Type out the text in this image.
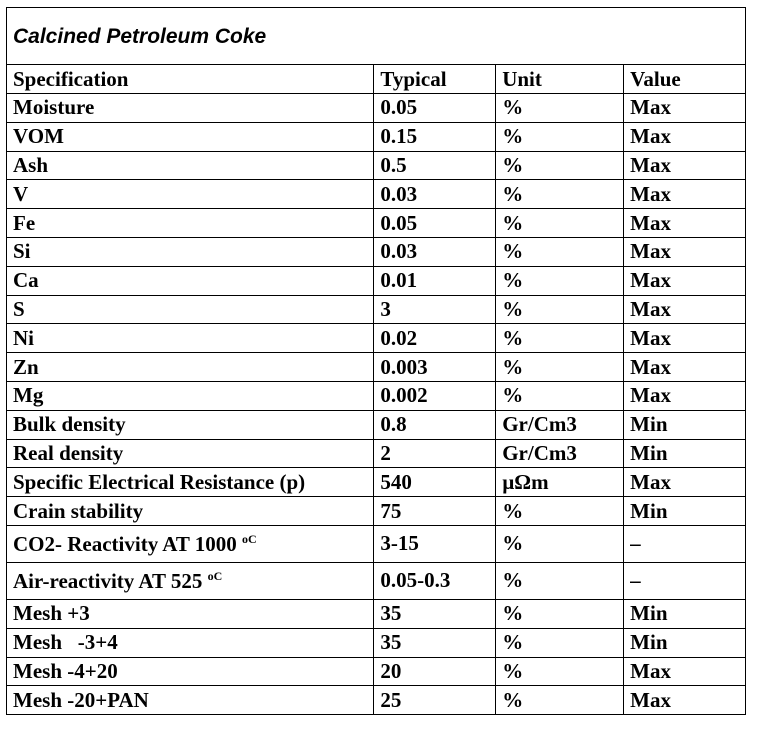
Calcined Petroleum Coke			
Specification	Typical	Unit	Value
Moisture	0.05	%	Max
VOM	0.15	%	Max
Ash	0.5	%	Max
V	0.03	%	Max
Fe	0.05	%	Max
Si	0.03	%	Max
Ca	0.01	%	Max
S	3	%	Max
Ni	0.02	%	Max
Zn	0.003	%	Max
Mg	0.002	%	Max
Bulk density	0.8	Gr/Cm3	Min
Real density	2	Gr/Cm3	Min
Specific Electrical Resistance (p)	540	µΩm	Max
Crain stability	75	%	Min
CO2- Reactivity AT 1000 $^{oC}$	3-15	%	–
Air-reactivity AT 525 $^{oC}$	0.05-0.3	%	–
Mesh +3	35	%	Min
Mesh   -3+4	35	%	Min
Mesh -4+20	20	%	Max
Mesh -20+PAN	25	%	Max
